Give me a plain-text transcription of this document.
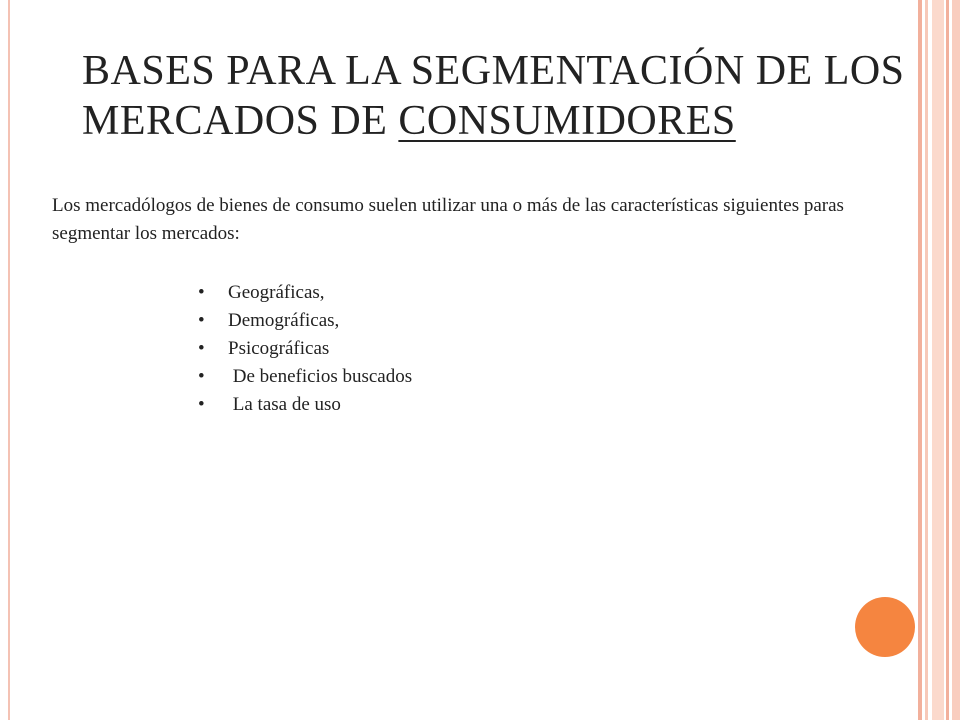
BASES PARA LA SEGMENTACIÓN DE LOS MERCADOS DE CONSUMIDORES

Los mercadólogos de bienes de consumo suelen utilizar una o más de las características siguientes paras segmentar los mercados:

• Geográficas,
• Demográficas,
• Psicográficas
• De beneficios buscados
• La tasa de uso
